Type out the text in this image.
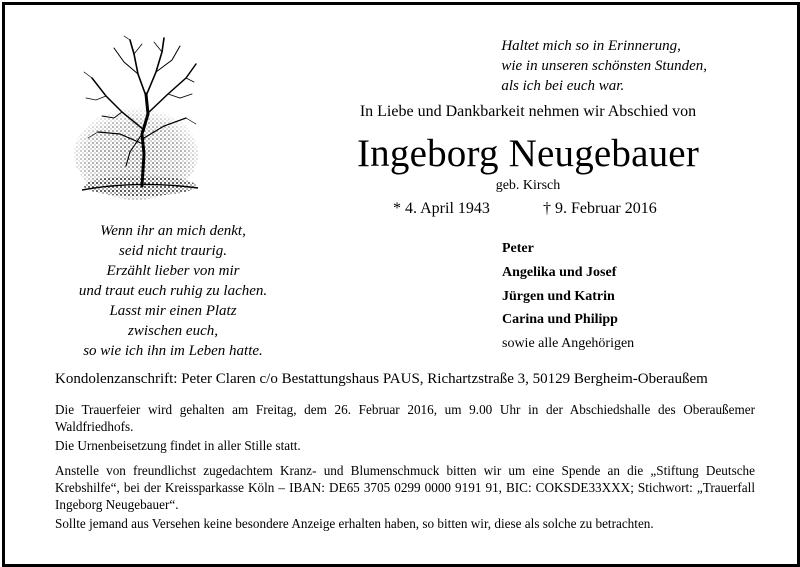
Haltet mich so in Erinnerung,
wie in unseren schönsten Stunden,
als ich bei euch war.
In Liebe und Dankbarkeit nehmen wir Abschied von
Ingeborg Neugebauer
geb. Kirsch
* 4. April 1943	† 9. Februar 2016
Wenn ihr an mich denkt,
seid nicht traurig.
Erzählt lieber von mir
und traut euch ruhig zu lachen.
Lasst mir einen Platz
zwischen euch,
so wie ich ihn im Leben hatte.
Peter
Angelika und Josef
Jürgen und Katrin
Carina und Philipp
sowie alle Angehörigen
Kondolenzanschrift: Peter Claren c/o Bestattungshaus PAUS, Richartzstraße 3, 50129 Bergheim-Oberaußem
Die Trauerfeier wird gehalten am Freitag, dem 26. Februar 2016, um 9.00 Uhr in der Abschiedshalle des Oberaußemer Waldfriedhofs.
Die Urnenbeisetzung findet in aller Stille statt.
Anstelle von freundlichst zugedachtem Kranz- und Blumenschmuck bitten wir um eine Spende an die „Stiftung Deutsche Krebshilfe“, bei der Kreissparkasse Köln – IBAN: DE65 3705 0299 0000 9191 91, BIC: COKSDE33XXX; Stichwort: „Trauerfall Ingeborg Neugebauer“.
Sollte jemand aus Versehen keine besondere Anzeige erhalten haben, so bitten wir, diese als solche zu betrachten.
